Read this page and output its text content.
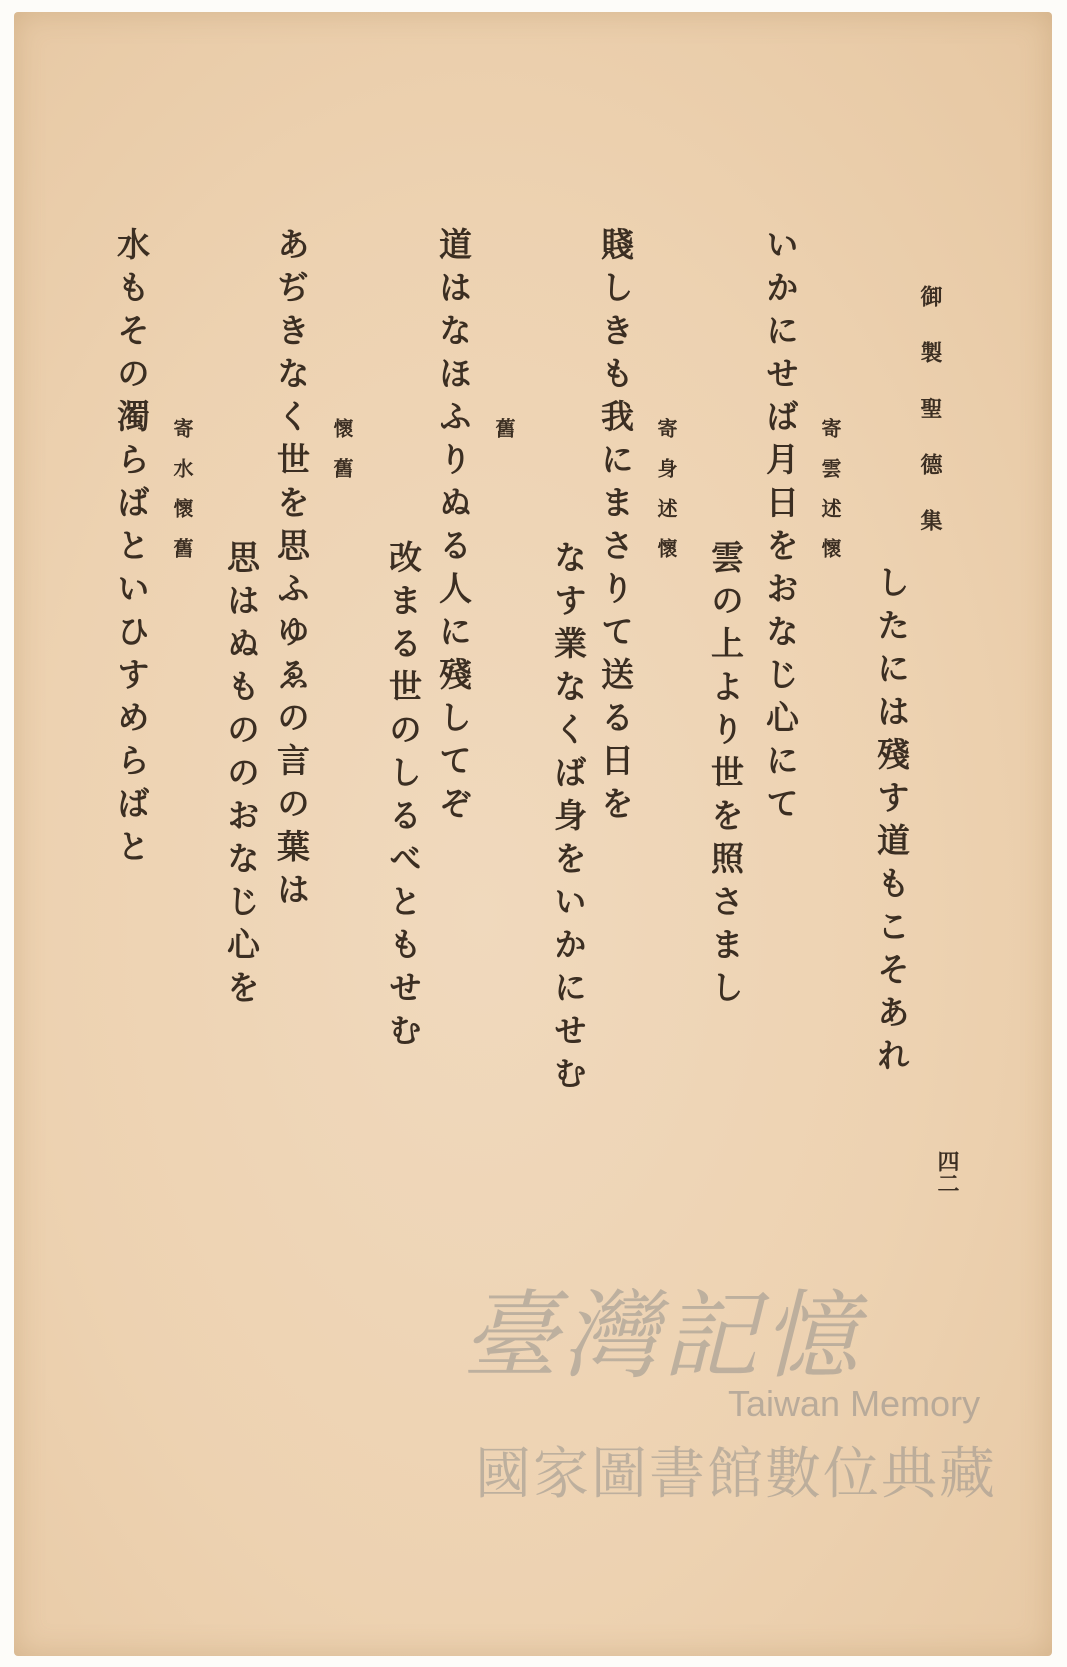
御製聖德集
四二
したには殘す道もこそあれ
寄雲述懷
いかにせば月日をおなじ心にて
雲の上より世を照さまし
寄身述懷
賤しきも我にまさりて送る日を
なす業なくば身をいかにせむ
舊
道はなほふりぬる人に殘してぞ
改まる世のしるべともせむ
懷舊
あぢきなく世を思ふゆゑの言の葉は
思はぬもののおなじ心を
寄水懷舊
水もその濁らばといひすめらばと
臺灣記憶
Taiwan Memory
國家圖書館數位典藏
